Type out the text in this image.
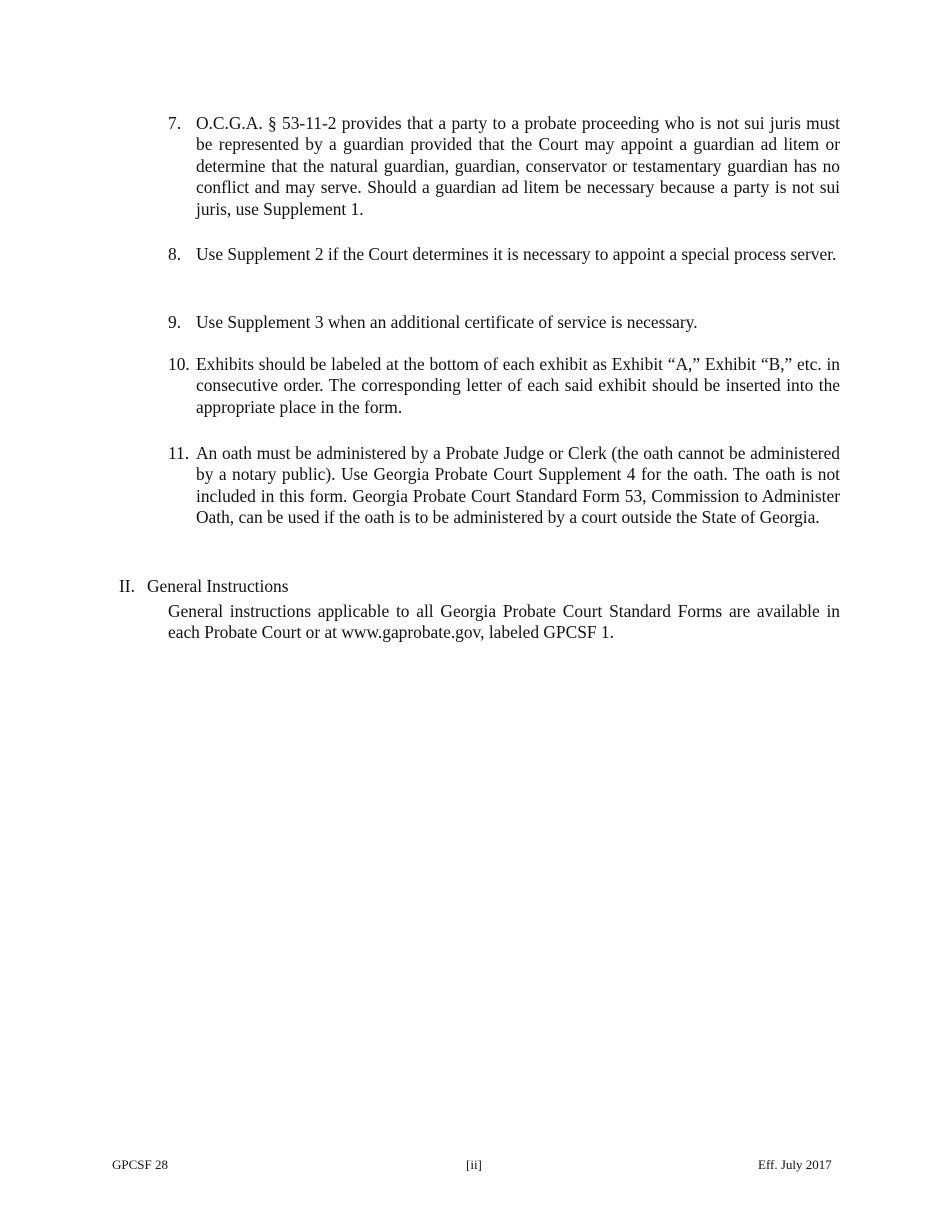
7. O.C.G.A. § 53-11-2 provides that a party to a probate proceeding who is not sui juris must be represented by a guardian provided that the Court may appoint a guardian ad litem or determine that the natural guardian, guardian, conservator or testamentary guardian has no conflict and may serve. Should a guardian ad litem be necessary because a party is not sui juris, use Supplement 1.
8. Use Supplement 2 if the Court determines it is necessary to appoint a special process server.
9. Use Supplement 3 when an additional certificate of service is necessary.
10. Exhibits should be labeled at the bottom of each exhibit as Exhibit “A,” Exhibit “B,” etc. in consecutive order. The corresponding letter of each said exhibit should be inserted into the appropriate place in the form.
11. An oath must be administered by a Probate Judge or Clerk (the oath cannot be administered by a notary public). Use Georgia Probate Court Supplement 4 for the oath. The oath is not included in this form. Georgia Probate Court Standard Form 53, Commission to Administer Oath, can be used if the oath is to be administered by a court outside the State of Georgia.
II. General Instructions
General instructions applicable to all Georgia Probate Court Standard Forms are available in each Probate Court or at www.gaprobate.gov, labeled GPCSF 1.
GPCSF 28	[ii]	Eff. July 2017
